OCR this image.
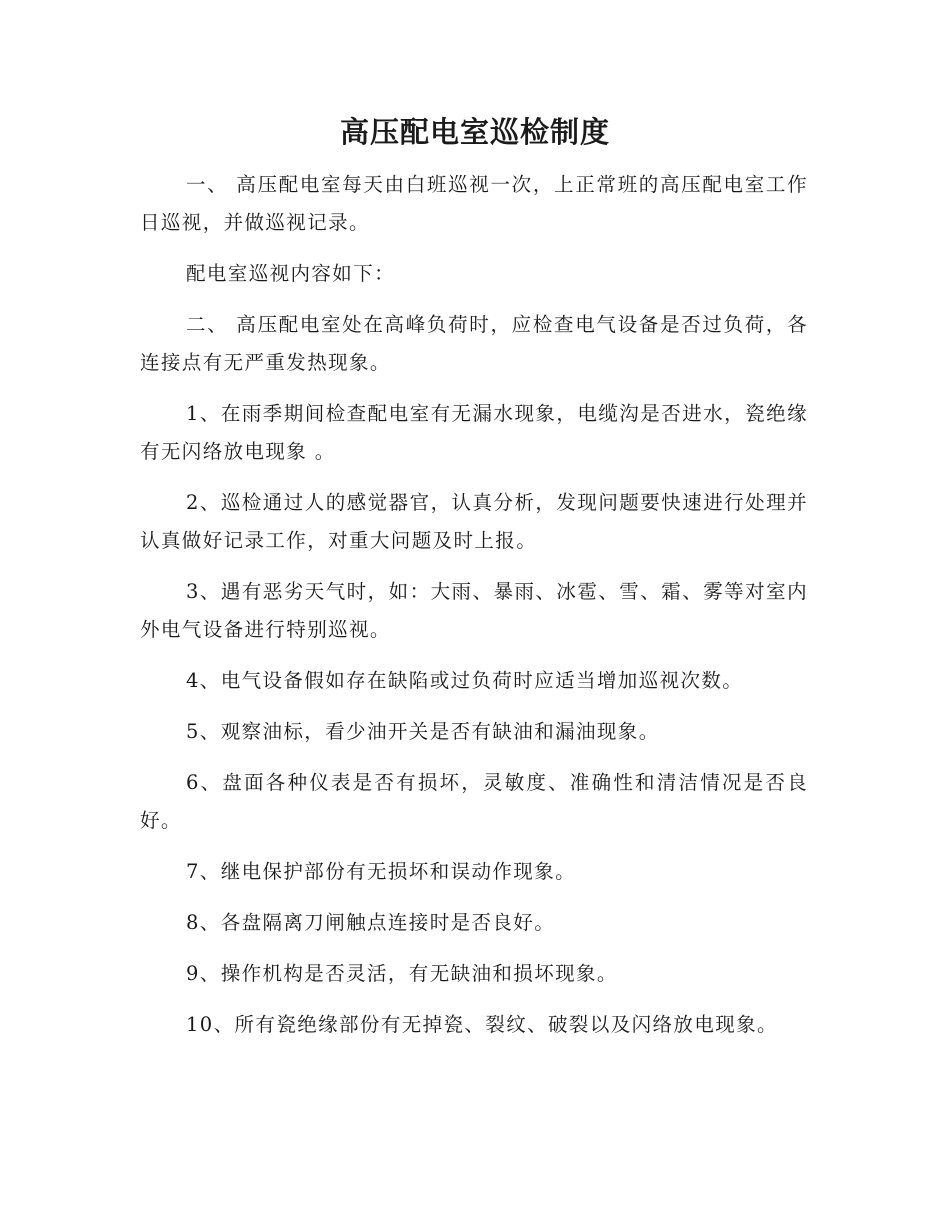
高压配电室巡检制度

一、 高压配电室每天由白班巡视一次，上正常班的高压配电室工作日巡视，并做巡视记录。

配电室巡视内容如下：

二、 高压配电室处在高峰负荷时，应检查电气设备是否过负荷，各连接点有无严重发热现象。

1、在雨季期间检查配电室有无漏水现象，电缆沟是否进水，瓷绝缘有无闪络放电现象 。

2、巡检通过人的感觉器官，认真分析，发现问题要快速进行处理并认真做好记录工作，对重大问题及时上报。

3、遇有恶劣天气时，如：大雨、暴雨、冰雹、雪、霜、雾等对室内外电气设备进行特别巡视。

4、电气设备假如存在缺陷或过负荷时应适当增加巡视次数。

5、观察油标，看少油开关是否有缺油和漏油现象。

6、盘面各种仪表是否有损坏，灵敏度、准确性和清洁情况是否良好。

7、继电保护部份有无损坏和误动作现象。

8、各盘隔离刀闸触点连接时是否良好。

9、操作机构是否灵活，有无缺油和损坏现象。

10、所有瓷绝缘部份有无掉瓷、裂纹、破裂以及闪络放电现象。
